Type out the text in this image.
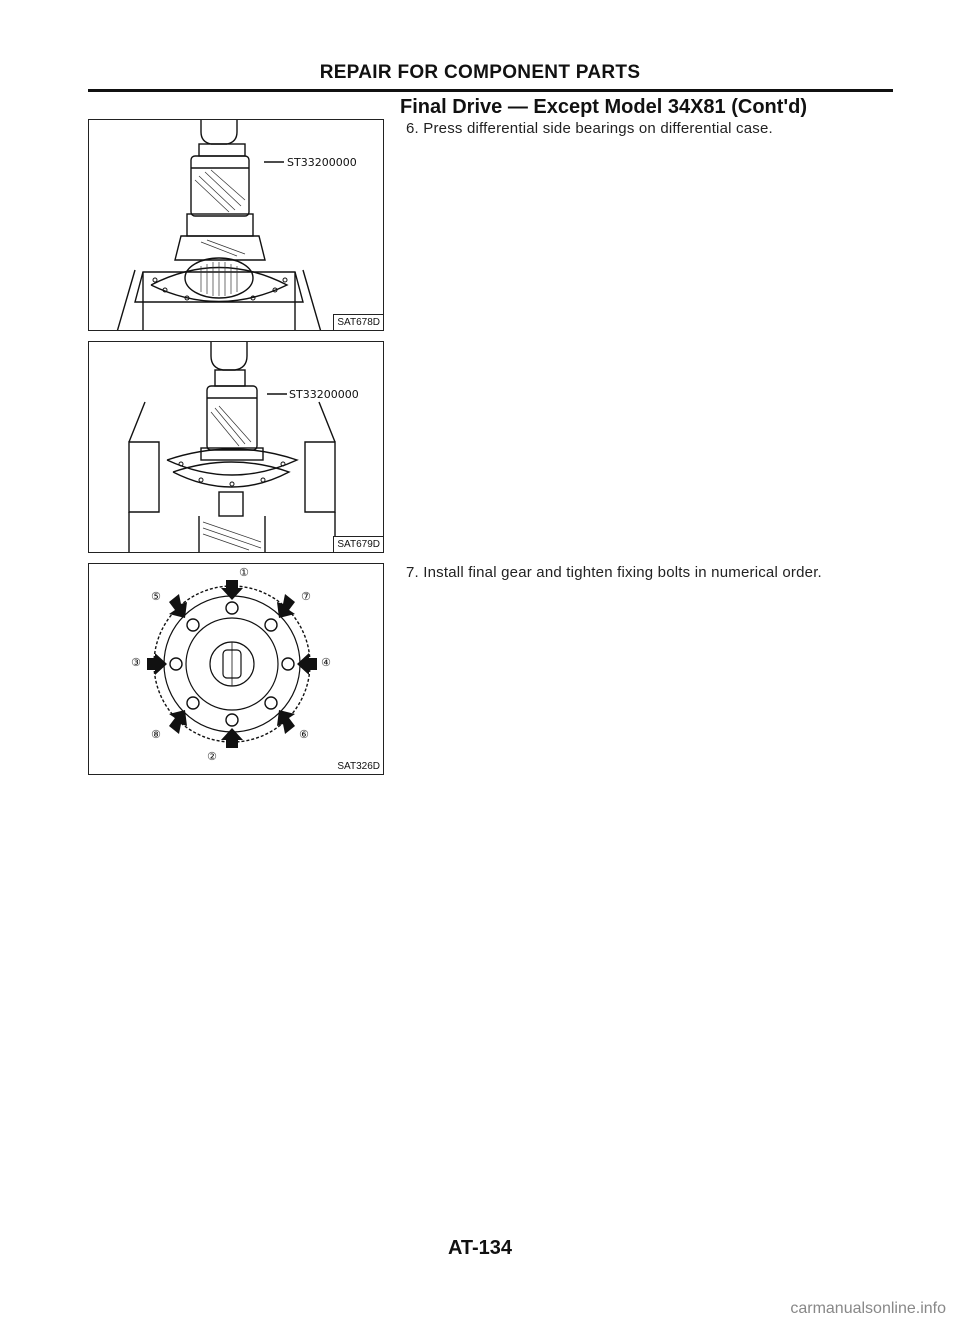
REPAIR FOR COMPONENT PARTS
Final Drive — Except Model 34X81 (Cont'd)
6. Press differential side bearings on differential case.
7. Install final gear and tighten fixing bolts in numerical order.
ST33200000
SAT678D
ST33200000
SAT679D
①
②
③	④
⑤
⑥
⑦
⑧
SAT326D
AT-134
carmanualsonline.info
